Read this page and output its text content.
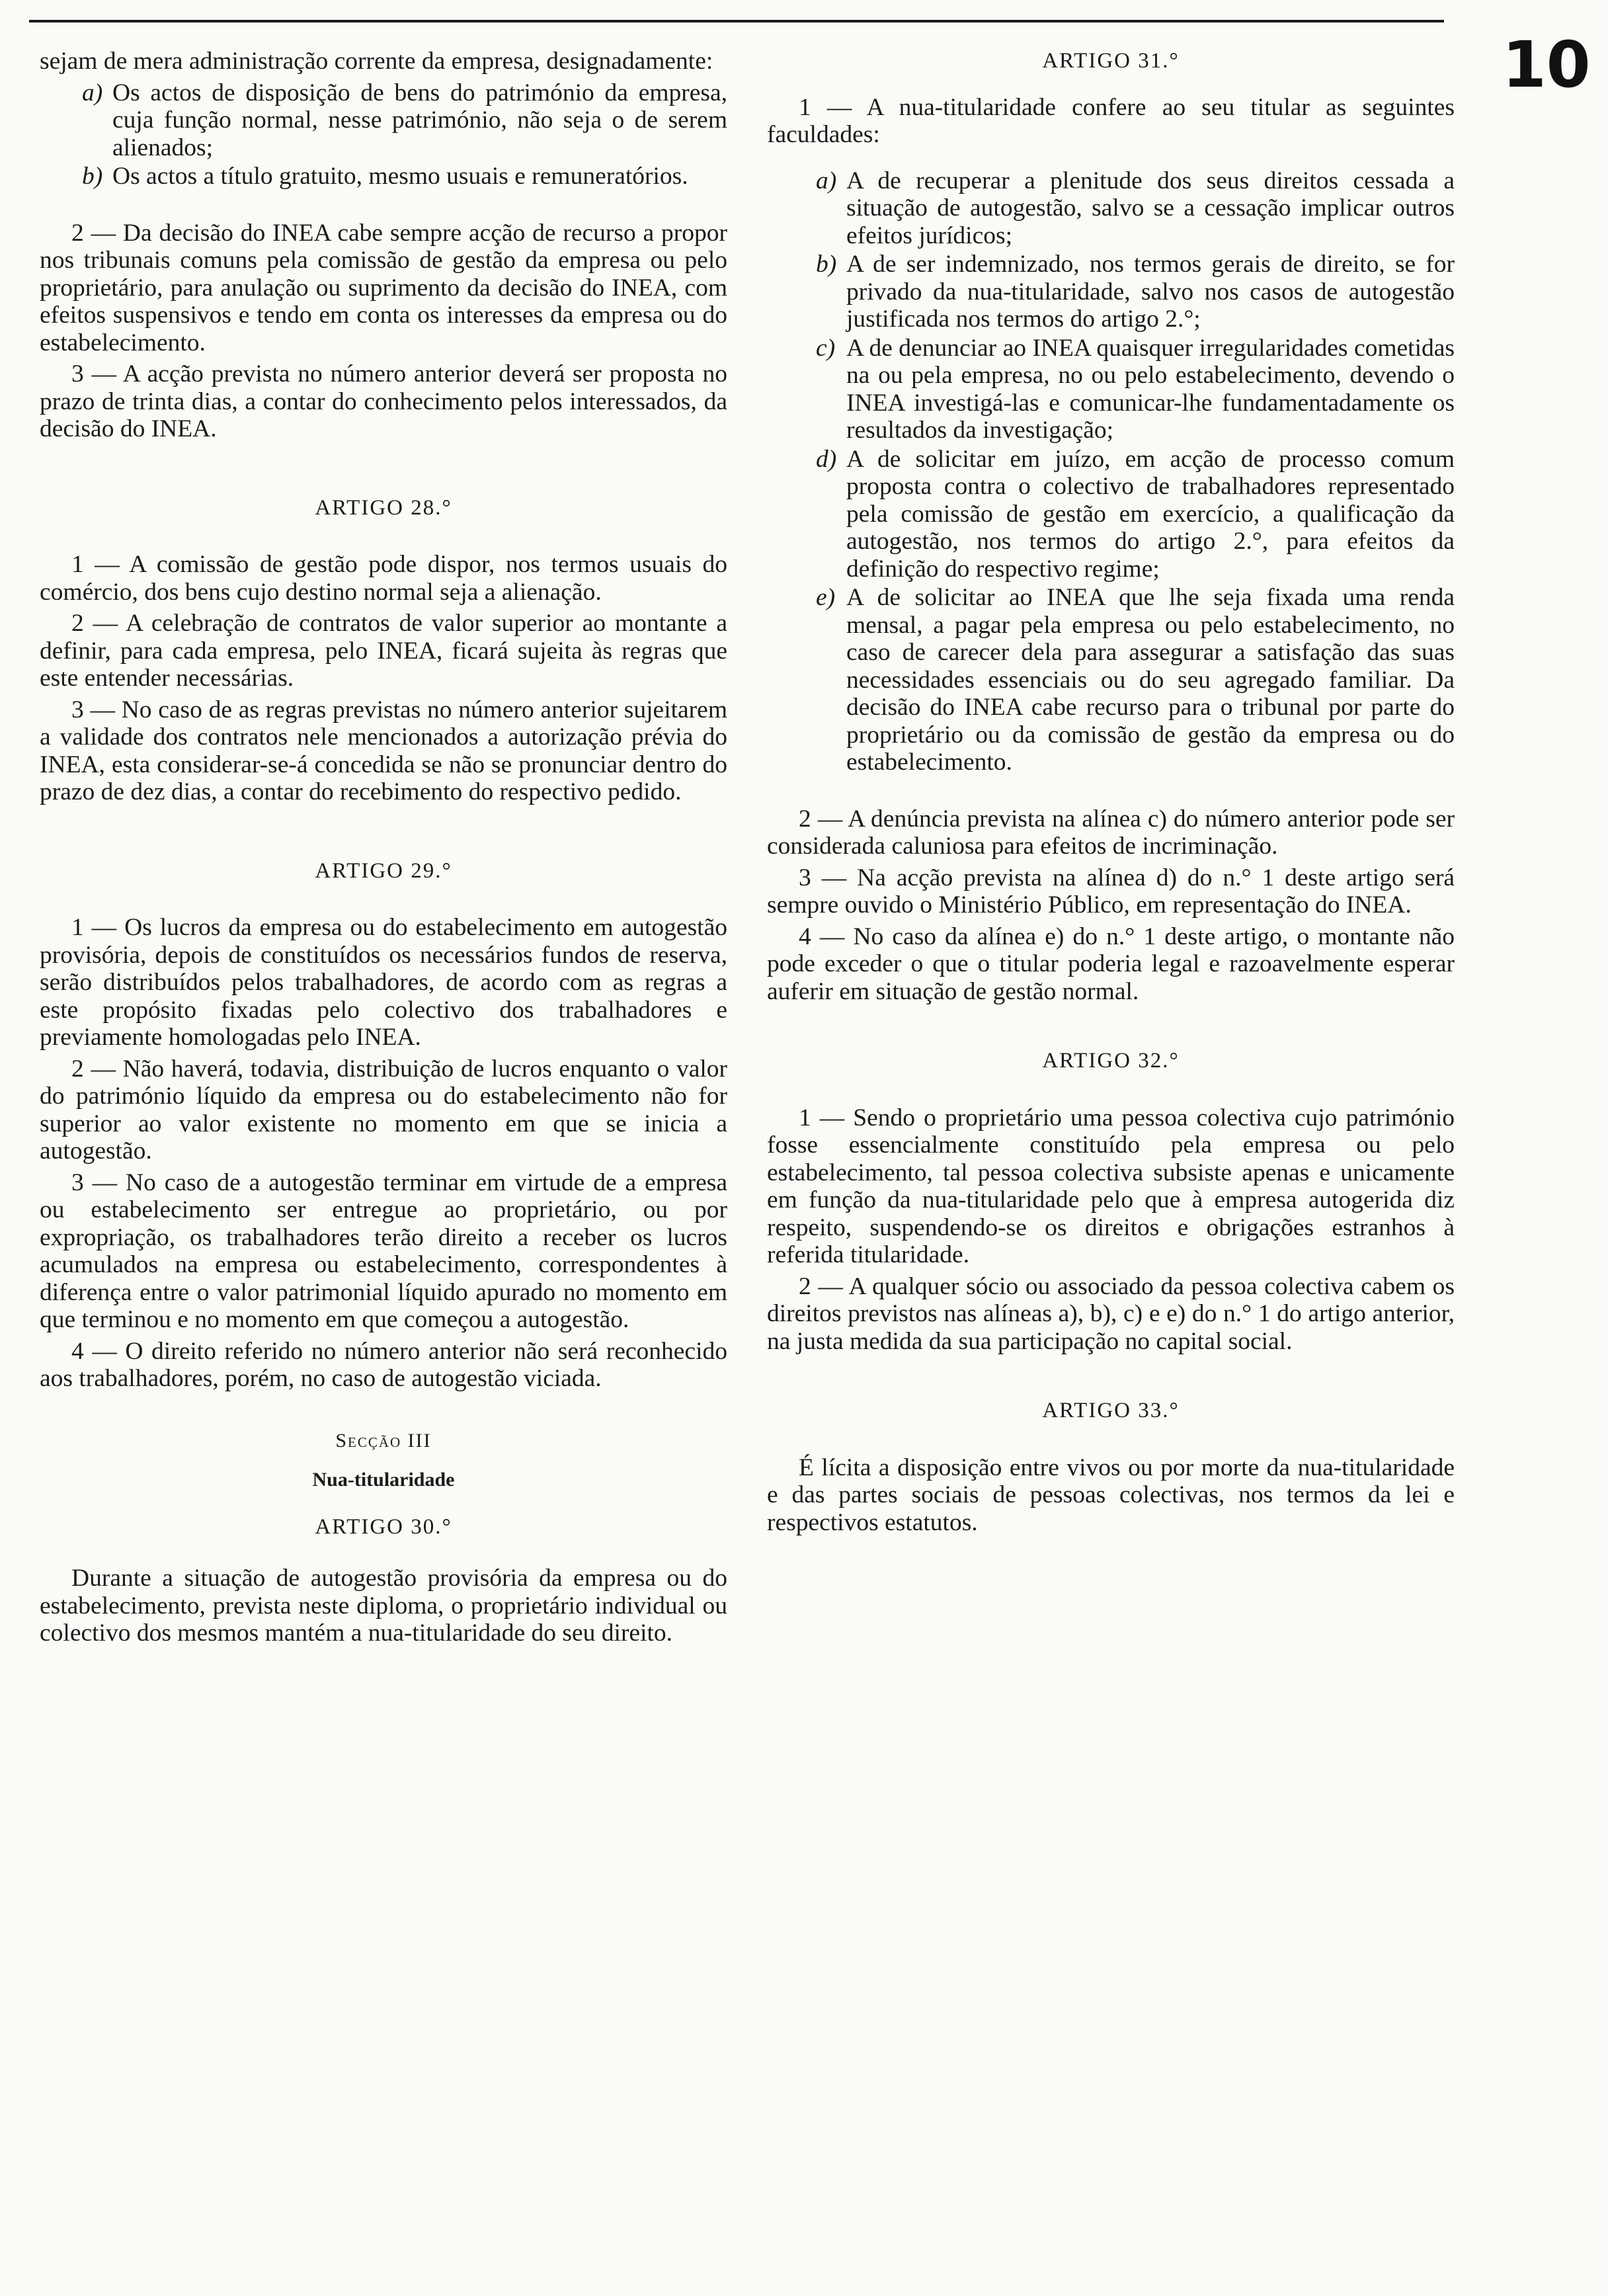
10

sejam de mera administração corrente da empresa, designadamente:

a) Os actos de disposição de bens do património da empresa, cuja função normal, nesse património, não seja o de serem alienados;
b) Os actos a título gratuito, mesmo usuais e remuneratórios.

2 — Da decisão do INEA cabe sempre acção de recurso a propor nos tribunais comuns pela comissão de gestão da empresa ou pelo proprietário, para anulação ou suprimento da decisão do INEA, com efeitos suspensivos e tendo em conta os interesses da empresa ou do estabelecimento.

3 — A acção prevista no número anterior deverá ser proposta no prazo de trinta dias, a contar do conhecimento pelos interessados, da decisão do INEA.

ARTIGO 28.°

1 — A comissão de gestão pode dispor, nos termos usuais do comércio, dos bens cujo destino normal seja a alienação.

2 — A celebração de contratos de valor superior ao montante a definir, para cada empresa, pelo INEA, ficará sujeita às regras que este entender necessárias.

3 — No caso de as regras previstas no número anterior sujeitarem a validade dos contratos nele mencionados a autorização prévia do INEA, esta considerar-se-á concedida se não se pronunciar dentro do prazo de dez dias, a contar do recebimento do respectivo pedido.

ARTIGO 29.°

1 — Os lucros da empresa ou do estabelecimento em autogestão provisória, depois de constituídos os necessários fundos de reserva, serão distribuídos pelos trabalhadores, de acordo com as regras a este propósito fixadas pelo colectivo dos trabalhadores e previamente homologadas pelo INEA.

2 — Não haverá, todavia, distribuição de lucros enquanto o valor do património líquido da empresa ou do estabelecimento não for superior ao valor existente no momento em que se inicia a autogestão.

3 — No caso de a autogestão terminar em virtude de a empresa ou estabelecimento ser entregue ao proprietário, ou por expropriação, os trabalhadores terão direito a receber os lucros acumulados na empresa ou estabelecimento, correspondentes à diferença entre o valor patrimonial líquido apurado no momento em que terminou e no momento em que começou a autogestão.

4 — O direito referido no número anterior não será reconhecido aos trabalhadores, porém, no caso de autogestão viciada.

Secção III
Nua-titularidade
ARTIGO 30.°

Durante a situação de autogestão provisória da empresa ou do estabelecimento, prevista neste diploma, o proprietário individual ou colectivo dos mesmos mantém a nua-titularidade do seu direito.

ARTIGO 31.°

1 — A nua-titularidade confere ao seu titular as seguintes faculdades:

a) A de recuperar a plenitude dos seus direitos cessada a situação de autogestão, salvo se a cessação implicar outros efeitos jurídicos;
b) A de ser indemnizado, nos termos gerais de direito, se for privado da nua-titularidade, salvo nos casos de autogestão justificada nos termos do artigo 2.°;
c) A de denunciar ao INEA quaisquer irregularidades cometidas na ou pela empresa, no ou pelo estabelecimento, devendo o INEA investigá-las e comunicar-lhe fundamentadamente os resultados da investigação;
d) A de solicitar em juízo, em acção de processo comum proposta contra o colectivo de trabalhadores representado pela comissão de gestão em exercício, a qualificação da autogestão, nos termos do artigo 2.°, para efeitos da definição do respectivo regime;
e) A de solicitar ao INEA que lhe seja fixada uma renda mensal, a pagar pela empresa ou pelo estabelecimento, no caso de carecer dela para assegurar a satisfação das suas necessidades essenciais ou do seu agregado familiar. Da decisão do INEA cabe recurso para o tribunal por parte do proprietário ou da comissão de gestão da empresa ou do estabelecimento.

2 — A denúncia prevista na alínea c) do número anterior pode ser considerada caluniosa para efeitos de incriminação.

3 — Na acção prevista na alínea d) do n.° 1 deste artigo será sempre ouvido o Ministério Público, em representação do INEA.

4 — No caso da alínea e) do n.° 1 deste artigo, o montante não pode exceder o que o titular poderia legal e razoavelmente esperar auferir em situação de gestão normal.

ARTIGO 32.°

1 — Sendo o proprietário uma pessoa colectiva cujo património fosse essencialmente constituído pela empresa ou pelo estabelecimento, tal pessoa colectiva subsiste apenas e unicamente em função da nua-titularidade pelo que à empresa autogerida diz respeito, suspendendo-se os direitos e obrigações estranhos à referida titularidade.

2 — A qualquer sócio ou associado da pessoa colectiva cabem os direitos previstos nas alíneas a), b), c) e e) do n.° 1 do artigo anterior, na justa medida da sua participação no capital social.

ARTIGO 33.°

É lícita a disposição entre vivos ou por morte da nua-titularidade e das partes sociais de pessoas colectivas, nos termos da lei e respectivos estatutos.
